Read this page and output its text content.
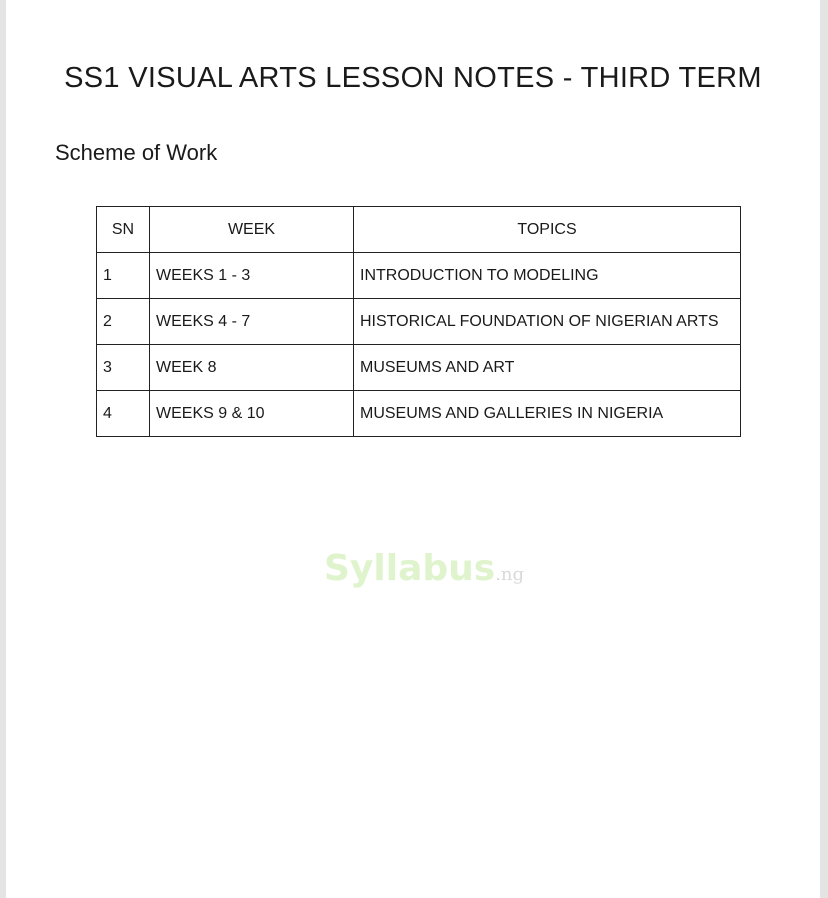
SS1 VISUAL ARTS LESSON NOTES - THIRD TERM
Scheme of Work
SN	WEEK	TOPICS
1	WEEKS 1 - 3	INTRODUCTION TO MODELING
2	WEEKS 4 - 7	HISTORICAL FOUNDATION OF NIGERIAN ARTS
3	WEEK 8	MUSEUMS AND ART
4	WEEKS 9 & 10	MUSEUMS AND GALLERIES IN NIGERIA
Syllabus.ng
